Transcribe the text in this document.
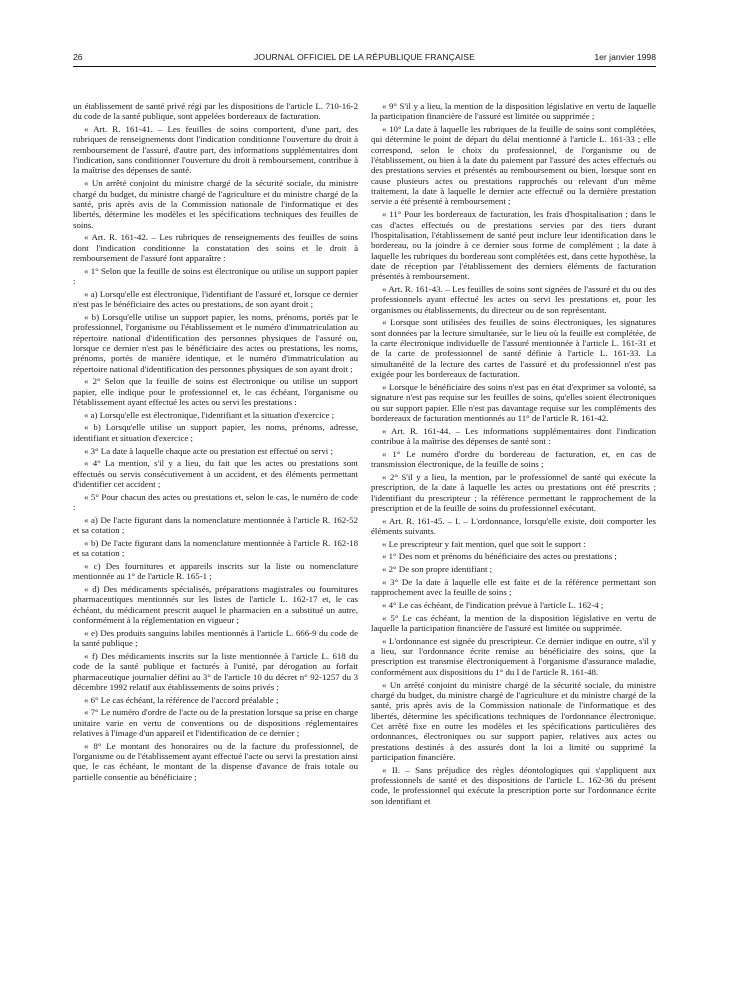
26	JOURNAL OFFICIEL DE LA RÉPUBLIQUE FRANÇAISE	1er janvier 1998

un établissement de santé privé régi par les dispositions de l'article L. 710-16-2 du code de la santé publique, sont appelées bordereaux de facturation.

« Art. R. 161-41. – Les feuilles de soins comportent, d'une part, des rubriques de renseignements dont l'indication conditionne l'ouverture du droit à remboursement de l'assuré, d'autre part, des informations supplémentaires dont l'indication, sans conditionner l'ouverture du droit à remboursement, contribue à la maîtrise des dépenses de santé.

« Un arrêté conjoint du ministre chargé de la sécurité sociale, du ministre chargé du budget, du ministre chargé de l'agriculture et du ministre chargé de la santé, pris après avis de la Commission nationale de l'informatique et des libertés, détermine les modèles et les spécifications techniques des feuilles de soins.

« Art. R. 161-42. – Les rubriques de renseignements des feuilles de soins dont l'indication conditionne la constatation des soins et le droit à remboursement de l'assuré font apparaître :

« 1° Selon que la feuille de soins est électronique ou utilise un support papier :

« a) Lorsqu'elle est électronique, l'identifiant de l'assuré et, lorsque ce dernier n'est pas le bénéficiaire des actes ou prestations, de son ayant droit ;

« b) Lorsqu'elle utilise un support papier, les noms, prénoms, portés par le professionnel, l'organisme ou l'établissement et le numéro d'immatriculation au répertoire national d'identification des personnes physiques de l'assuré ou, lorsque ce dernier n'est pas le bénéficiaire des actes ou prestations, les noms, prénoms, portés de manière identique, et le numéro d'immatriculation au répertoire national d'identification des personnes physiques de son ayant droit ;

« 2° Selon que la feuille de soins est électronique ou utilise un support papier, elle indique pour le professionnel et, le cas échéant, l'organisme ou l'établissement ayant effectué les actes ou servi les prestations :

« a) Lorsqu'elle est électronique, l'identifiant et la situation d'exercice ;

« b) Lorsqu'elle utilise un support papier, les noms, prénoms, adresse, identifiant et situation d'exercice ;

« 3° La date à laquelle chaque acte ou prestation est effectué ou servi ;

« 4° La mention, s'il y a lieu, du fait que les actes ou prestations sont effectués ou servis consécutivement à un accident, et des éléments permettant d'identifier cet accident ;

« 5° Pour chacun des actes ou prestations et, selon le cas, le numéro de code :

« a) De l'acte figurant dans la nomenclature mentionnée à l'article R. 162-52 et sa cotation ;

« b) De l'acte figurant dans la nomenclature mentionnée à l'article R. 162-18 et sa cotation ;

« c) Des fournitures et appareils inscrits sur la liste ou nomenclature mentionnée au 1° de l'article R. 165-1 ;

« d) Des médicaments spécialisés, préparations magistrales ou fournitures pharmaceutiques mentionnés sur les listes de l'article L. 162-17 et, le cas échéant, du médicament prescrit auquel le pharmacien en a substitué un autre, conformément à la réglementation en vigueur ;

« e) Des produits sanguins labiles mentionnés à l'article L. 666-9 du code de la santé publique ;

« f) Des médicaments inscrits sur la liste mentionnée à l'article L. 618 du code de la santé publique et facturés à l'unité, par dérogation au forfait pharmaceutique journalier défini au 3° de l'article 10 du décret n° 92-1257 du 3 décembre 1992 relatif aux établissements de soins privés ;

« 6° Le cas échéant, la référence de l'accord préalable ;

« 7° Le numéro d'ordre de l'acte ou de la prestation lorsque sa prise en charge unitaire varie en vertu de conventions ou de dispositions réglementaires relatives à l'image d'un appareil et l'identification de ce dernier ;

« 8° Le montant des honoraires ou de la facture du professionnel, de l'organisme ou de l'établissement ayant effectué l'acte ou servi la prestation ainsi que, le cas échéant, le montant de la dispense d'avance de frais totale ou partielle consentie au bénéficiaire ;

« 9° S'il y a lieu, la mention de la disposition législative en vertu de laquelle la participation financière de l'assuré est limitée ou supprimée ;

« 10° La date à laquelle les rubriques de la feuille de soins sont complétées, qui détermine le point de départ du délai mentionné à l'article L. 161-33 ; elle correspond, selon le choix du professionnel, de l'organisme ou de l'établissement, ou bien à la date du paiement par l'assuré des actes effectués ou des prestations servies et présentés au remboursement ou bien, lorsque sont en cause plusieurs actes ou prestations rapprochés ou relevant d'un même traitement, la date à laquelle le dernier acte effectué ou la dernière prestation servie a été présenté à remboursement ;

« 11° Pour les bordereaux de facturation, les frais d'hospitalisation ; dans le cas d'actes effectués ou de prestations servies par des tiers durant l'hospitalisation, l'établissement de santé peut inclure leur identification dans le bordereau, ou la joindre à ce dernier sous forme de complément ; la date à laquelle les rubriques du bordereau sont complétées est, dans cette hypothèse, la date de réception par l'établissement des derniers éléments de facturation présentés à remboursement.

« Art. R. 161-43. – Les feuilles de soins sont signées de l'assuré et du ou des professionnels ayant effectué les actes ou servi les prestations et, pour les organismes ou établissements, du directeur ou de son représentant.

« Lorsque sont utilisées des feuilles de soins électroniques, les signatures sont données par la lecture simultanée, sur le lieu où la feuille est complétée, de la carte électronique individuelle de l'assuré mentionnée à l'article L. 161-31 et de la carte de professionnel de santé définie à l'article L. 161-33. La simultanéité de la lecture des cartes de l'assuré et du professionnel n'est pas exigée pour les bordereaux de facturation.

« Lorsque le bénéficiaire des soins n'est pas en état d'exprimer sa volonté, sa signature n'est pas requise sur les feuilles de soins, qu'elles soient électroniques ou sur support papier. Elle n'est pas davantage requise sur les compléments des bordereaux de facturation mentionnés au 11° de l'article R. 161-42.

« Art. R. 161-44. – Les informations supplémentaires dont l'indication contribue à la maîtrise des dépenses de santé sont :

« 1° Le numéro d'ordre du bordereau de facturation, et, en cas de transmission électronique, de la feuille de soins ;

« 2° S'il y a lieu, la mention, par le professionnel de santé qui exécute la prescription, de la date à laquelle les actes ou prestations ont été prescrits ; l'identifiant du prescripteur ; la référence permettant le rapprochement de la prescription et de la feuille de soins du professionnel exécutant.

« Art. R. 161-45. – I. – L'ordonnance, lorsqu'elle existe, doit comporter les éléments suivants.

« Le prescripteur y fait mention, quel que soit le support :

« 1° Des nom et prénoms du bénéficiaire des actes ou prestations ;

« 2° De son propre identifiant ;

« 3° De la date à laquelle elle est faite et de la référence permettant son rapprochement avec la feuille de soins ;

« 4° Le cas échéant, de l'indication prévue à l'article L. 162-4 ;

« 5° Le cas échéant, la mention de la disposition législative en vertu de laquelle la participation financière de l'assuré est limitée ou supprimée.

« L'ordonnance est signée du prescripteur. Ce dernier indique en outre, s'il y a lieu, sur l'ordonnance écrite remise au bénéficiaire des soins, que la prescription est transmise électroniquement à l'organisme d'assurance maladie, conformément aux dispositions du 1° du I de l'article R. 161-48.

« Un arrêté conjoint du ministre chargé de la sécurité sociale, du ministre chargé du budget, du ministre chargé de l'agriculture et du ministre chargé de la santé, pris après avis de la Commission nationale de l'informatique et des libertés, détermine les spécifications techniques de l'ordonnance électronique. Cet arrêté fixe en outre les modèles et les spécifications particulières des ordonnances, électroniques ou sur support papier, relatives aux actes ou prestations destinés à des assurés dont la loi a limité ou supprimé la participation financière.

« II. – Sans préjudice des règles déontologiques qui s'appliquent aux professionnels de santé et des dispositions de l'article L. 162-36 du présent code, le professionnel qui exécute la prescription porte sur l'ordonnance écrite son identifiant et
